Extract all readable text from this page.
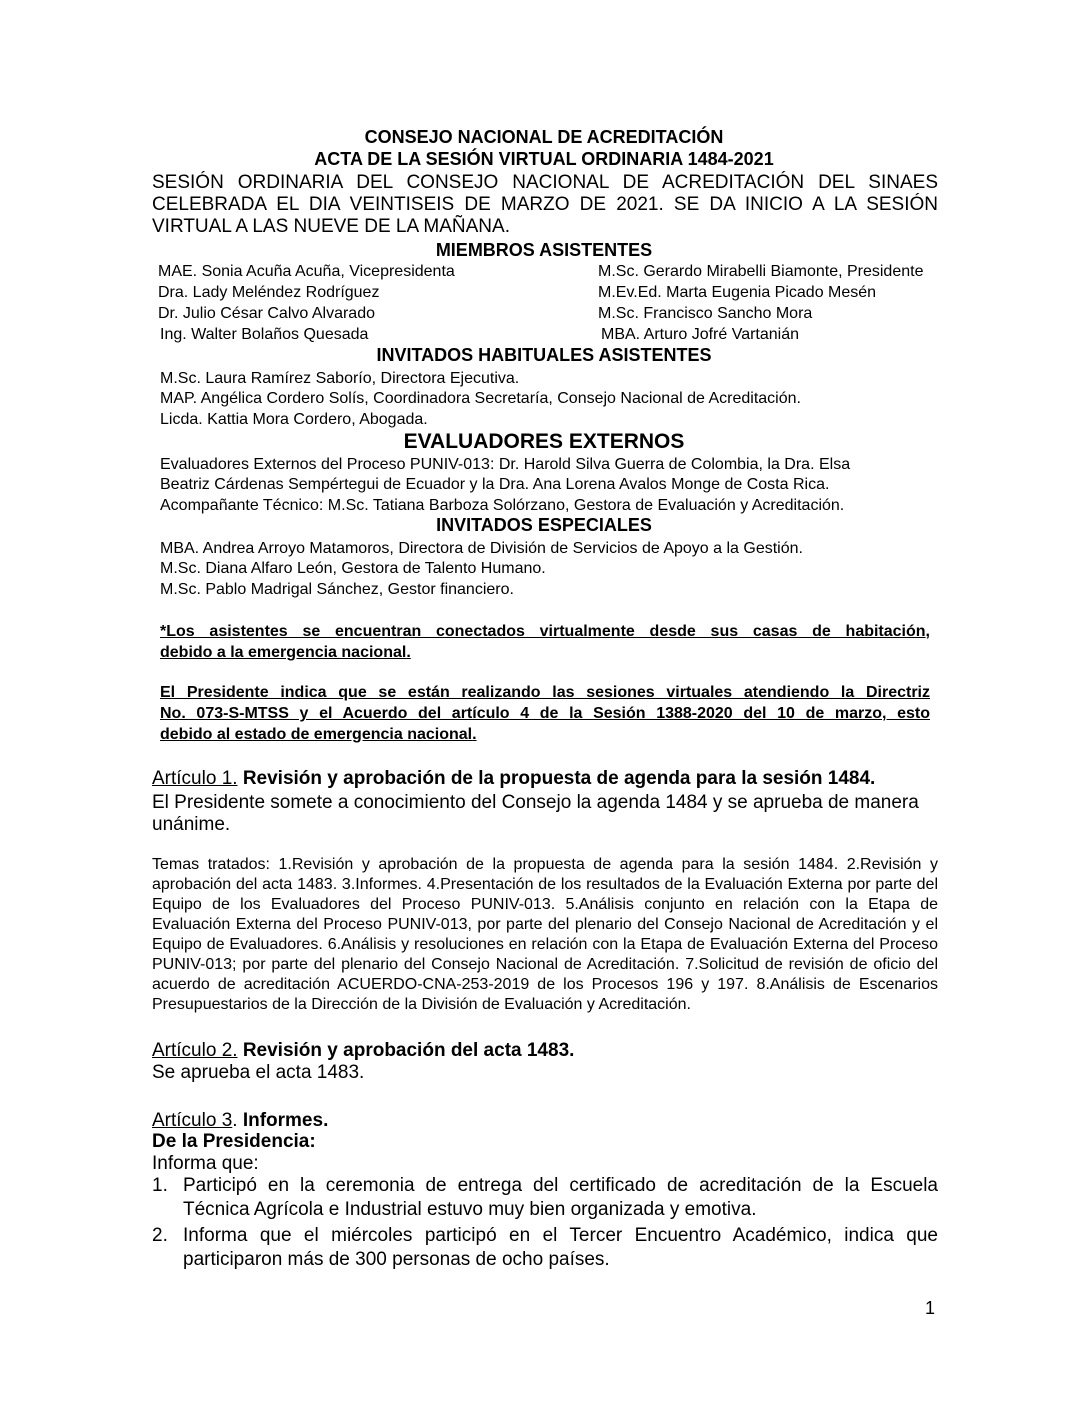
CONSEJO NACIONAL DE ACREDITACIÓN
ACTA DE LA SESIÓN VIRTUAL ORDINARIA 1484-2021

SESIÓN ORDINARIA DEL CONSEJO NACIONAL DE ACREDITACIÓN DEL SINAES

CELEBRADA EL DIA VEINTISEIS DE MARZO DE 2021. SE DA INICIO A LA SESIÓN

VIRTUAL A LAS NUEVE DE LA MAÑANA.

MIEMBROS ASISTENTES
MAE. Sonia Acuña Acuña, Vicepresidenta
Dra. Lady Meléndez Rodríguez
Dr. Julio César Calvo Alvarado
Ing. Walter Bolaños Quesada
M.Sc. Gerardo Mirabelli Biamonte, Presidente
M.Ev.Ed. Marta Eugenia Picado Mesén
M.Sc. Francisco Sancho Mora
MBA. Arturo Jofré Vartanián
INVITADOS HABITUALES ASISTENTES
M.Sc. Laura Ramírez Saborío, Directora Ejecutiva.
MAP. Angélica Cordero Solís, Coordinadora Secretaría, Consejo Nacional de Acreditación.
Licda. Kattia Mora Cordero, Abogada.
EVALUADORES EXTERNOS
Evaluadores Externos del Proceso PUNIV-013: Dr. Harold Silva Guerra de Colombia, la Dra. Elsa
Beatriz Cárdenas Sempértegui de Ecuador y la Dra. Ana Lorena Avalos Monge de Costa Rica.
Acompañante Técnico: M.Sc. Tatiana Barboza Solórzano, Gestora de Evaluación y Acreditación.
INVITADOS ESPECIALES
MBA. Andrea Arroyo Matamoros, Directora de División de Servicios de Apoyo a la Gestión.
M.Sc. Diana Alfaro León, Gestora de Talento Humano.
M.Sc. Pablo Madrigal Sánchez, Gestor financiero.

*Los asistentes se encuentran conectados virtualmente desde sus casas de habitación,

debido a la emergencia nacional.

El Presidente indica que se están realizando las sesiones virtuales atendiendo la Directriz

No. 073-S-MTSS y el Acuerdo del artículo 4 de la Sesión 1388-2020 del 10 de marzo, esto

debido al estado de emergencia nacional.

Artículo 1. Revisión y aprobación de la propuesta de agenda para la sesión 1484.

El Presidente somete a conocimiento del Consejo la agenda 1484 y se aprueba de manera

unánime.

Temas tratados: 1.Revisión y aprobación de la propuesta de agenda para la sesión 1484. 2.Revisión y aprobación del acta 1483. 3.Informes. 4.Presentación de los resultados de la Evaluación Externa por parte del Equipo de los Evaluadores del Proceso PUNIV-013. 5.Análisis conjunto en relación con la Etapa de Evaluación Externa del Proceso PUNIV-013, por parte del plenario del Consejo Nacional de Acreditación y el Equipo de Evaluadores. 6.Análisis y resoluciones en relación con la Etapa de Evaluación Externa del Proceso PUNIV-013; por parte del plenario del Consejo Nacional de Acreditación. 7.Solicitud de revisión de oficio del acuerdo de acreditación ACUERDO-CNA-253-2019 de los Procesos 196 y 197. 8.Análisis de Escenarios Presupuestarios de la Dirección de la División de Evaluación y Acreditación.
Artículo 2. Revisión y aprobación del acta 1483.
Se aprueba el acta 1483.
Artículo 3. Informes.
De la Presidencia:
Informa que:
1. Participó en la ceremonia de entrega del certificado de acreditación de la Escuela Técnica Agrícola e Industrial estuvo muy bien organizada y emotiva.
2. Informa que el miércoles participó en el Tercer Encuentro Académico, indica que participaron más de 300 personas de ocho países.
1
